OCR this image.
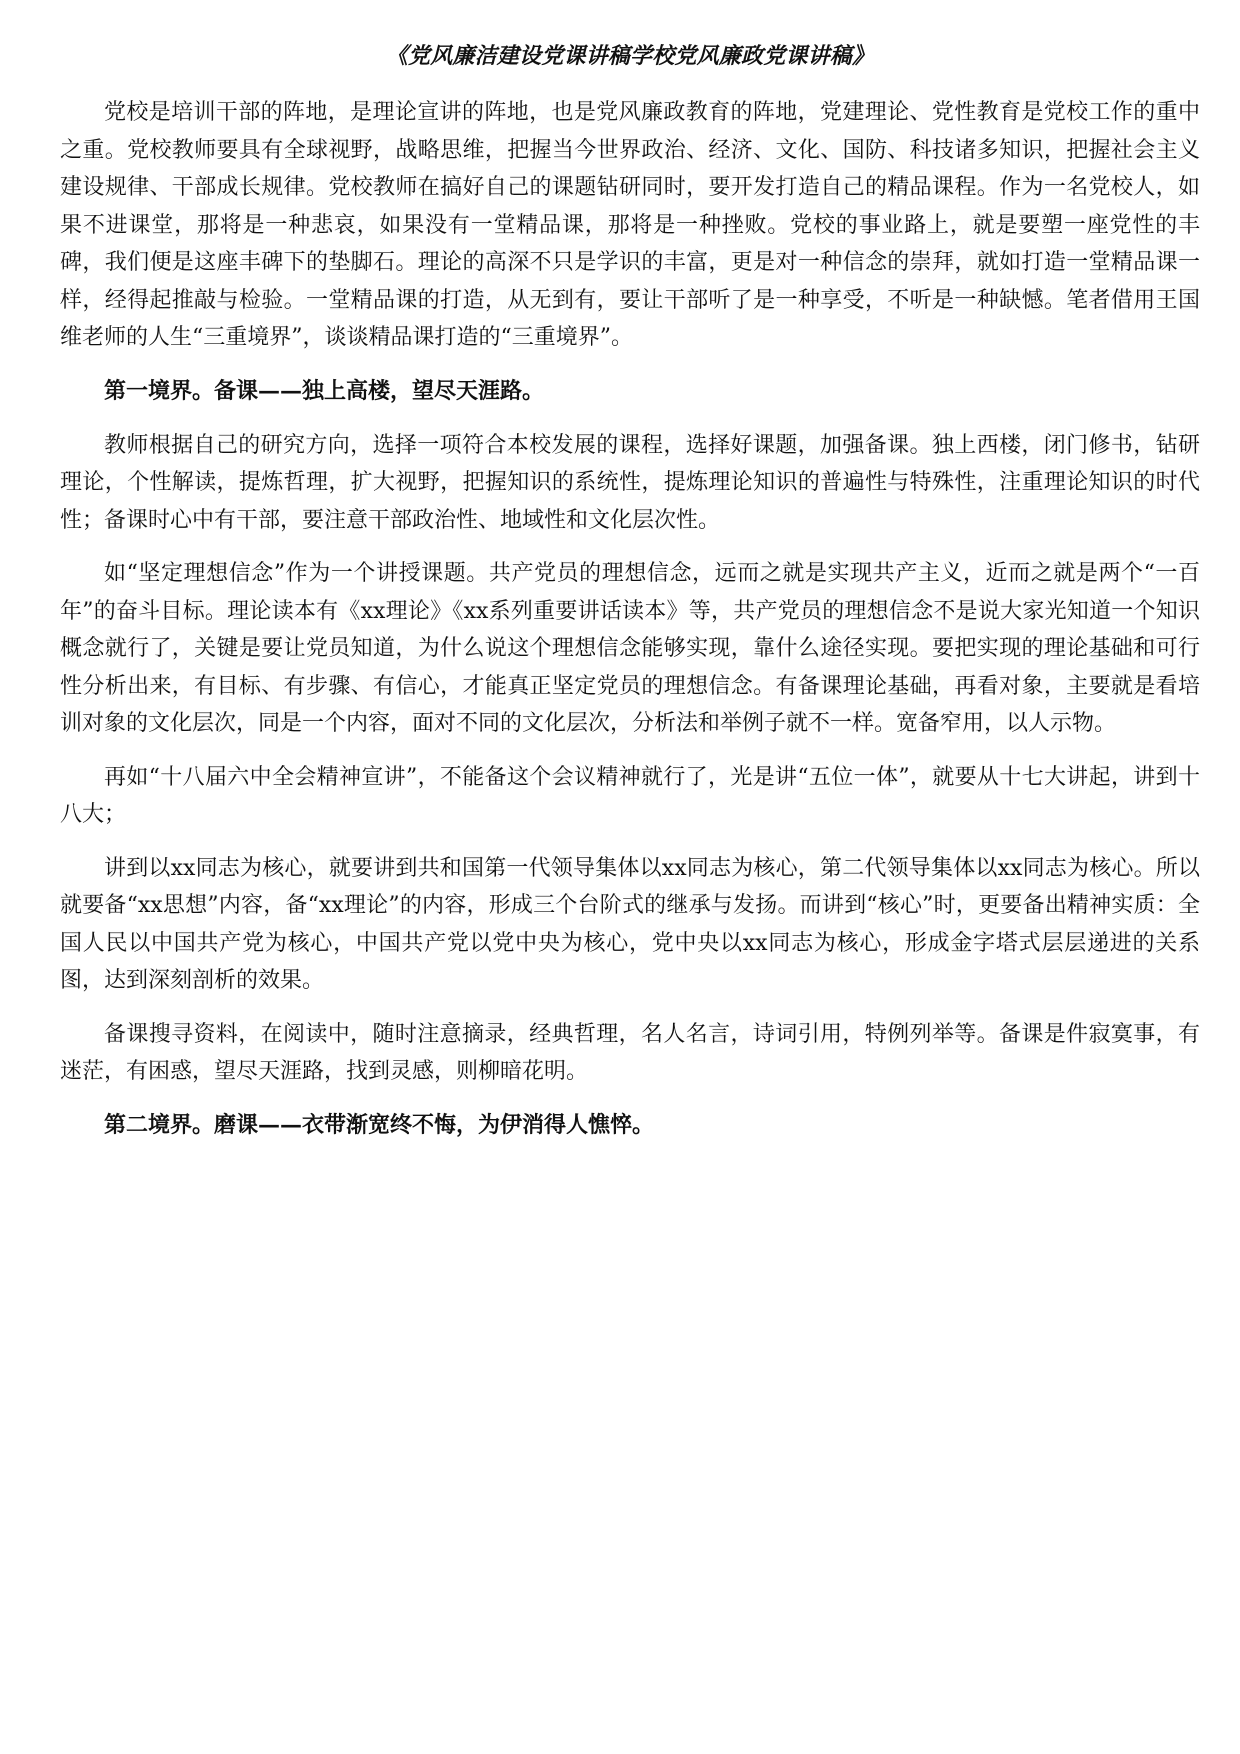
《党风廉洁建设党课讲稿学校党风廉政党课讲稿》

党校是培训干部的阵地，是理论宣讲的阵地，也是党风廉政教育的阵地，党建理论、党性教育是党校工作的重中之重。党校教师要具有全球视野，战略思维，把握当今世界政治、经济、文化、国防、科技诸多知识，把握社会主义建设规律、干部成长规律。党校教师在搞好自己的课题钻研同时，要开发打造自己的精品课程。作为一名党校人，如果不进课堂，那将是一种悲哀，如果没有一堂精品课，那将是一种挫败。党校的事业路上，就是要塑一座党性的丰碑，我们便是这座丰碑下的垫脚石。理论的高深不只是学识的丰富，更是对一种信念的崇拜，就如打造一堂精品课一样，经得起推敲与检验。一堂精品课的打造，从无到有，要让干部听了是一种享受，不听是一种缺憾。笔者借用王国维老师的人生“三重境界”，谈谈精品课打造的“三重境界”。

第一境界。备课——独上高楼，望尽天涯路。

教师根据自己的研究方向，选择一项符合本校发展的课程，选择好课题，加强备课。独上西楼，闭门修书，钻研理论，个性解读，提炼哲理，扩大视野，把握知识的系统性，提炼理论知识的普遍性与特殊性，注重理论知识的时代性；备课时心中有干部，要注意干部政治性、地域性和文化层次性。

如“坚定理想信念”作为一个讲授课题。共产党员的理想信念，远而之就是实现共产主义，近而之就是两个“一百年”的奋斗目标。理论读本有《xx理论》《xx系列重要讲话读本》等，共产党员的理想信念不是说大家光知道一个知识概念就行了，关键是要让党员知道，为什么说这个理想信念能够实现，靠什么途径实现。要把实现的理论基础和可行性分析出来，有目标、有步骤、有信心，才能真正坚定党员的理想信念。有备课理论基础，再看对象，主要就是看培训对象的文化层次，同是一个内容，面对不同的文化层次，分析法和举例子就不一样。宽备窄用，以人示物。

再如“十八届六中全会精神宣讲”，不能备这个会议精神就行了，光是讲“五位一体”，就要从十七大讲起，讲到十八大；

讲到以xx同志为核心，就要讲到共和国第一代领导集体以xx同志为核心，第二代领导集体以xx同志为核心。所以就要备“xx思想”内容，备“xx理论”的内容，形成三个台阶式的继承与发扬。而讲到“核心”时，更要备出精神实质：全国人民以中国共产党为核心，中国共产党以党中央为核心，党中央以xx同志为核心，形成金字塔式层层递进的关系图，达到深刻剖析的效果。

备课搜寻资料，在阅读中，随时注意摘录，经典哲理，名人名言，诗词引用，特例列举等。备课是件寂寞事，有迷茫，有困惑，望尽天涯路，找到灵感，则柳暗花明。

第二境界。磨课——衣带渐宽终不悔，为伊消得人憔悴。
